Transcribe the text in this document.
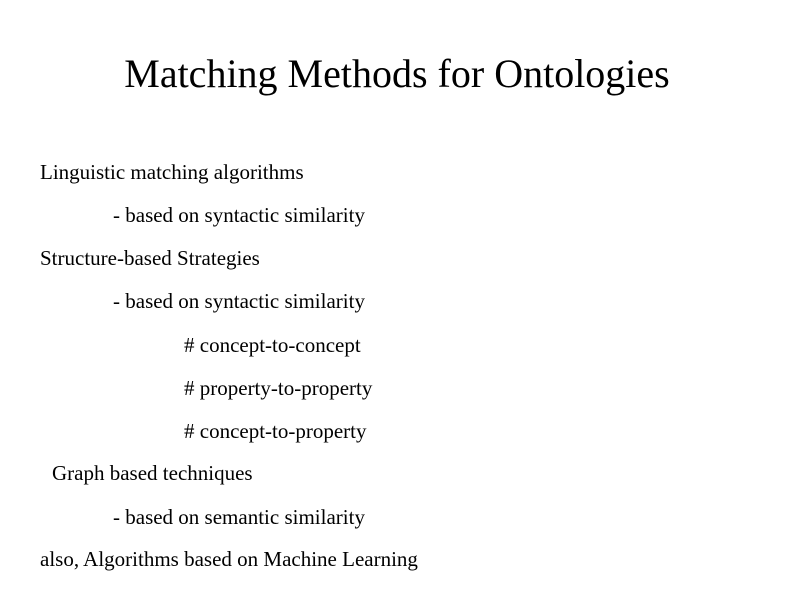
Matching Methods for Ontologies
Linguistic matching algorithms
- based on syntactic similarity
Structure-based Strategies
- based on syntactic similarity
# concept-to-concept
# property-to-property
# concept-to-property
Graph based techniques
- based on semantic similarity
also, Algorithms based on Machine Learning
